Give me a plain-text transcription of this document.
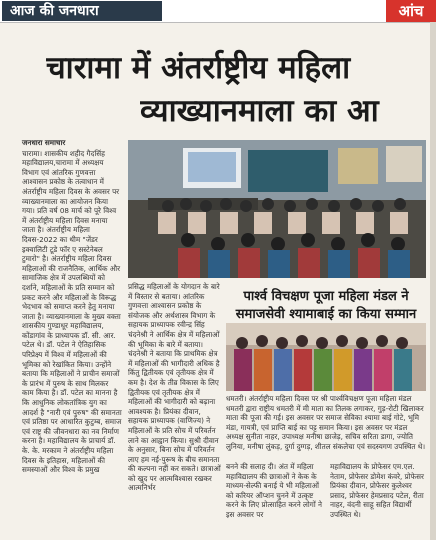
आज की जनधारा	आंच
चारामा में अंतर्राष्ट्रीय महिला
व्याख्यानमाला का आ
जनधारा समाचार
चारामा। शासकीय शहीद गैदसिंह महाविद्यालय,चारामा में अध्यक्षय विभाग एवं आंतरिक गुणवत्ता आश्वासन प्रकोष्ठ के तत्वाधान में अंतर्राष्ट्रीय महिला दिवस के अवसर पर व्याख्यानमाला का आयोजन किया गया। प्रति वर्ष 08 मार्च को पूरे विश्व में अंतर्राष्ट्रीय महिला दिवस मनाया जाता है। अंतर्राष्ट्रीय महिला दिवस-2022 का थीम "जेंडर इक्वालिटी टूडे फॉर ए सस्टेनेबल टुमारो" है। अंतर्राष्ट्रीय महिला दिवस महिलाओं की राजनैतिक, आर्थिक और सामाजिक क्षेत्र में उपलब्धियों को दर्शाने, महिलाओं के प्रति सम्मान को प्रकट करने और महिलाओं के विरूद्ध भेदभाव को समाप्त करने हेतु मनाया जाता है। व्याख्यानमाला के मुख्य वक्ता शासकीय गुण्डाधूर महाविद्यालय, कोंडागांव के प्राध्यापक डॉ. सी. आर. पटेल थे। डॉ. पटेल ने ऐतिहासिक परिप्रेक्ष्य में विश्व में महिलाओं की भूमिका को रेखांकित किया। उन्होंने बताया कि महिलाओं ने प्राचीन समाजों के प्रारंभ में पुरुष के साथ मिलकर काम किया है। डॉ. पटेल का मानना है कि आधुनिक लोकतांत्रिक युग का आदर्श है "नारी एवं पुरुष" की समानता एवं प्रतिष्ठा पर आधारित कुटुम्ब, समाज एवं राष्ट्र की जीवनधारा का नव निर्माण करना है। महाविद्यालय के प्राचार्य डॉ. के. के. मरकाम ने अंतर्राष्ट्रीय महिला दिवस के इतिहास, महिलाओं की समस्याओं और विश्व के प्रमुख
प्रसिद्ध महिलाओं के योगदान के बारे में विस्तार से बताया। आंतरिक गुणवत्ता आश्वासन प्रकोष्ठ के संयोजक और अर्थशास्त्र विभाग के सहायक प्राध्यापक रवीन्द्र सिंह चंदनेश्री ने आर्थिक क्षेत्र में महिलाओं की भूमिका के बारे में बताया। चंदनेश्री ने बताया कि प्राथमिक क्षेत्र में महिलाओं की भागीदारी अधिक है किंतु द्वितीयक एवं तृतीयक क्षेत्र में कम है। देश के तीव्र विकास के लिए द्वितीयक एवं तृतीयक क्षेत्र में महिलाओं की भागीदारी को बढ़ाना आवश्यक है। प्रियंका दीवान, सहायक प्राध्यापक (वाणिज्य) ने महिलाओं के प्रति सोच में परिवर्तन लाने का आह्वान किया। सुश्री दीवान के अनुसार, बिना सोच में परिवर्तन लाए हम नई-पुरूष के बीच समानता की कल्पना नहीं कर सकते। छात्राओं को खुद पर आत्मविश्वास रखकर आत्मनिर्भर
पार्श्व विचक्षण पूजा महिला मंडल ने
समाजसेवी श्यामाबाई का किया सम्मान
धमतरी। अंतर्राष्ट्रीय महिला दिवस पर श्री पार्श्वविचक्षण पूजा महिला मंडल धमतरी द्वारा राष्ट्रीय धमतरी में मी माता का तिलक लगाकर, गुड़-रोटी खिलाकर माता की पूजा की गई। इस अवसर पर समाज सेविका श्यामा बाई गोटे, भूमि मंडा, गायत्री, एवं प्राप्ति बाई का पट्ट समान किया। इस अवसर पर मंडल अध्यक्ष सुनीता नाहर, उपाध्यक्ष मनीषा छाजेड़, सचिव सरिता डागा, ज्योति लुनिया, मनीषा लुंकड़, दुर्गा दुग्गड़, शीतल संकलेचा एवं सदस्यगण उपस्थित थे।
बनने की सलाह दी। अंत में महिला महाविद्यालय की छात्राओं ने केक के माध्यम-सेल्फी बनाई ये भी महिलाओं को करियर ऑप्शन चुनने में उत्कृष्ट करने के लिए प्रोत्साहित करने लोगों ने इस अवसर पर
महाविद्यालय के प्रोफेसर एम.एल. नेताम, प्रोफेसर डोमेश कंवरे, प्रोफेसर प्रियंका दीवान, प्रोफेसर कुलेश्वर प्रसाद, प्रोफेसर हेमप्रसाद पटेल, रीता नाहर, वंदनी साहू सहित विद्यार्थी उपस्थित थे।
